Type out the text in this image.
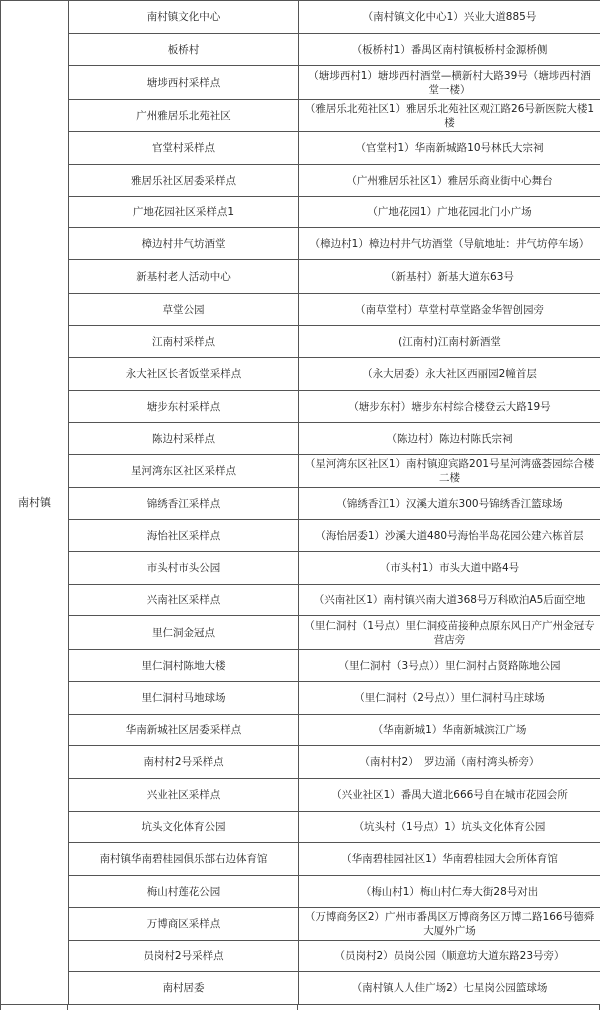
南村镇	南村镇文化中心	（南村镇文化中心1）兴业大道885号
	板桥村	（板桥村1）番禺区南村镇板桥村金源桥侧
	塘埗西村采样点	（塘埗西村1）塘埗西村酒堂—横新村大路39号（塘埗西村酒堂一楼）
	广州雅居乐北苑社区	（雅居乐北苑社区1）雅居乐北苑社区观江路26号新医院大楼1楼
	官堂村采样点	（官堂村1）华南新城路10号林氏大宗祠
	雅居乐社区居委采样点	（广州雅居乐社区1）雅居乐商业街中心舞台
	广地花园社区采样点1	（广地花园1）广地花园北门小广场
	樟边村井气坊酒堂	（樟边村1）樟边村井气坊酒堂（导航地址：井气坊停车场）
	新基村老人活动中心	（新基村）新基大道东63号
	草堂公园	（南草堂村）草堂村草堂路金华智创园旁
	江南村采样点	(江南村)江南村新酒堂
	永大社区长者饭堂采样点	（永大居委）永大社区西丽园2幢首层
	塘步东村采样点	（塘步东村）塘步东村综合楼登云大路19号
	陈边村采样点	（陈边村）陈边村陈氏宗祠
	星河湾东区社区采样点	（星河湾东区社区1）南村镇迎宾路201号星河湾盛荟园综合楼二楼
	锦绣香江采样点	（锦绣香江1）汉溪大道东300号锦绣香江篮球场
	海怡社区采样点	（海怡居委1）沙溪大道480号海怡半岛花园公建六栋首层
	市头村市头公园	（市头村1）市头大道中路4号
	兴南社区采样点	（兴南社区1）南村镇兴南大道368号万科欧泊A5后面空地
	里仁洞金冠点	（里仁洞村（1号点）里仁洞疫苗接种点原东风日产广州金冠专营店旁
	里仁洞村陈地大楼	（里仁洞村（3号点））里仁洞村占贤路陈地公园
	里仁洞村马地球场	（里仁洞村（2号点））里仁洞村马庄球场
	华南新城社区居委采样点	（华南新城1）华南新城滨江广场
	南村村2号采样点	（南村村2）　罗边涌（南村湾头桥旁）
	兴业社区采样点	（兴业社区1）番禺大道北666号自在城市花园会所
	坑头文化体育公园	（坑头村（1号点）1）坑头文化体育公园
	南村镇华南碧桂园俱乐部右边体育馆	（华南碧桂园社区1）华南碧桂园大会所体育馆
	梅山村莲花公园	（梅山村1）梅山村仁寿大街28号对出
	万博商区采样点	（万博商务区2）广州市番禺区万博商务区万博二路166号德舜大厦外广场
	员岗村2号采样点	（员岗村2）员岗公园（顺意坊大道东路23号旁）
	南村居委	（南村镇人人佳广场2）七星岗公园篮球场
